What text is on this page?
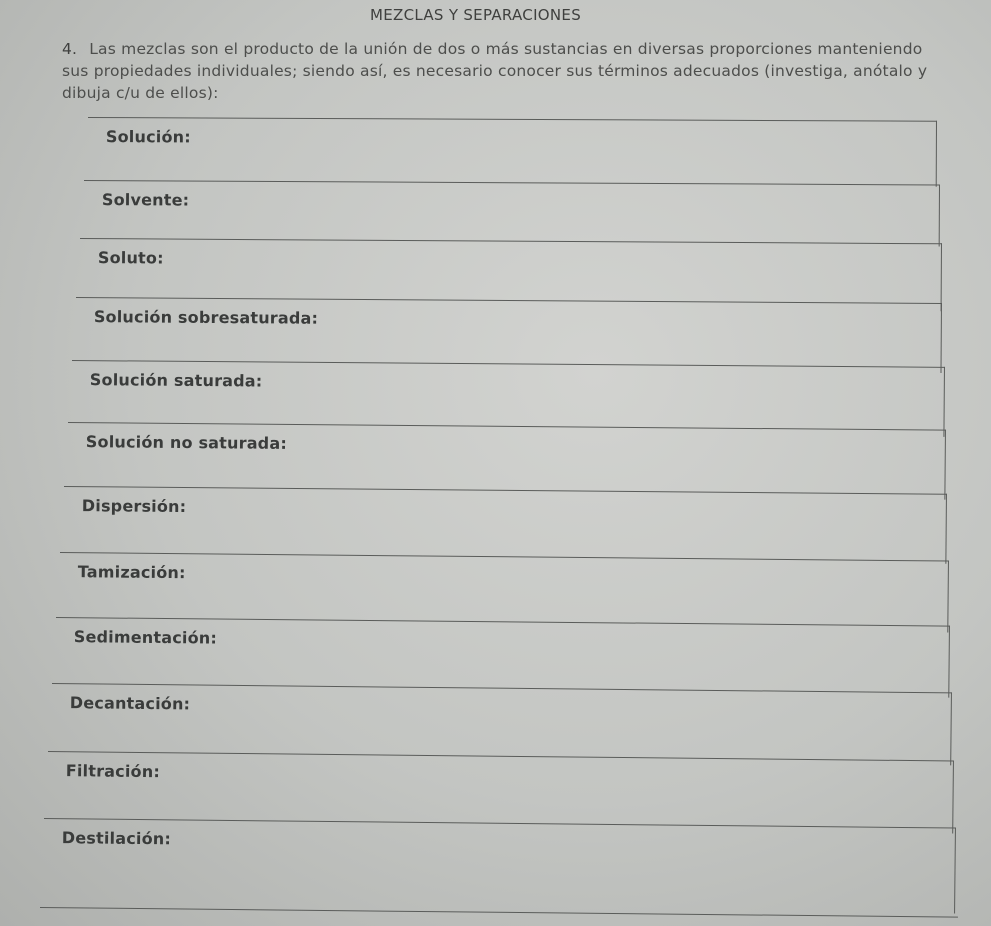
MEZCLAS Y SEPARACIONES
4. Las mezclas son el producto de la unión de dos o más sustancias en diversas proporciones manteniendo sus propiedades individuales; siendo así, es necesario conocer sus términos adecuados (investiga, anótalo y dibuja c/u de ellos):
Solución:
Solvente:
Soluto:
Solución sobresaturada:
Solución saturada:
Solución no saturada:
Dispersión:
Tamización:
Sedimentación:
Decantación:
Filtración:
Destilación:
